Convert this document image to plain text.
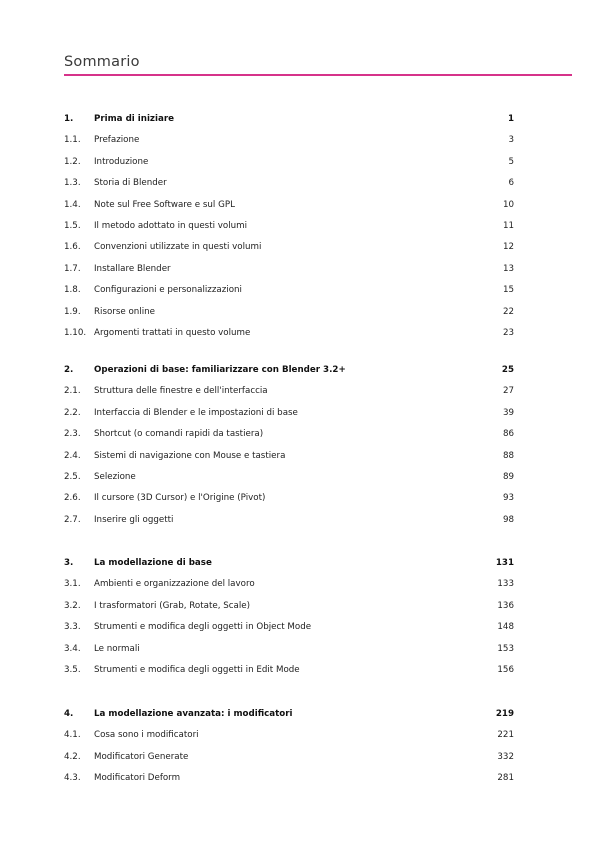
Sommario
1. Prima di iniziare	1
1.1. Prefazione	3
1.2. Introduzione	5
1.3. Storia di Blender	6
1.4. Note sul Free Software e sul GPL	10
1.5. Il metodo adottato in questi volumi	11
1.6. Convenzioni utilizzate in questi volumi	12
1.7. Installare Blender	13
1.8. Configurazioni e personalizzazioni	15
1.9. Risorse online	22
1.10. Argomenti trattati in questo volume	23
2. Operazioni di base: familiarizzare con Blender 3.2+	25
2.1. Struttura delle finestre e dell'interfaccia	27
2.2. Interfaccia di Blender e le impostazioni di base	39
2.3. Shortcut (o comandi rapidi da tastiera)	86
2.4. Sistemi di navigazione con Mouse e tastiera	88
2.5. Selezione	89
2.6. Il cursore (3D Cursor) e l'Origine (Pivot)	93
2.7. Inserire gli oggetti	98
3. La modellazione di base	131
3.1. Ambienti e organizzazione del lavoro	133
3.2. I trasformatori (Grab, Rotate, Scale)	136
3.3. Strumenti e modifica degli oggetti in Object Mode	148
3.4. Le normali	153
3.5. Strumenti e modifica degli oggetti in Edit Mode	156
4. La modellazione avanzata: i modificatori	219
4.1. Cosa sono i modificatori	221
4.2. Modificatori Generate	332
4.3. Modificatori Deform	281
